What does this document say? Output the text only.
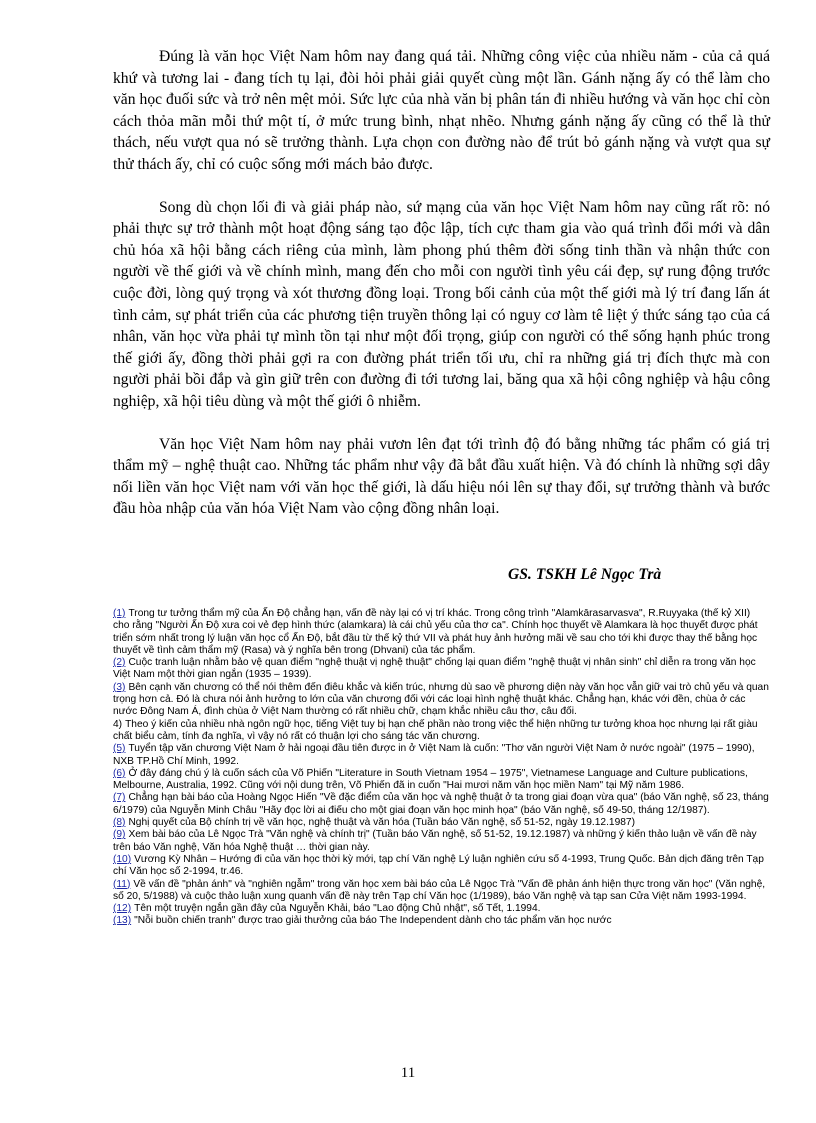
Đúng là văn học Việt Nam hôm nay đang quá tải. Những công việc của nhiều năm - của cả quá khứ và tương lai - đang tích tụ lại, đòi hỏi phải giải quyết cùng một lần. Gánh nặng ấy có thể làm cho văn học đuối sức và trở nên mệt mỏi. Sức lực của nhà văn bị phân tán đi nhiều hướng và văn học chỉ còn cách thỏa mãn mỗi thứ một tí, ở mức trung bình, nhạt nhẽo. Nhưng gánh nặng ấy cũng có thể là thử thách, nếu vượt qua nó sẽ trưởng thành. Lựa chọn con đường nào để trút bỏ gánh nặng và vượt qua sự thử thách ấy, chỉ có cuộc sống mới mách bảo được.

Song dù chọn lối đi và giải pháp nào, sứ mạng của văn học Việt Nam hôm nay cũng rất rõ: nó phải thực sự trở thành một hoạt động sáng tạo độc lập, tích cực tham gia vào quá trình đổi mới và dân chủ hóa xã hội bằng cách riêng của mình, làm phong phú thêm đời sống tinh thần và nhận thức con người về thế giới và về chính mình, mang đến cho mỗi con người tình yêu cái đẹp, sự rung động trước cuộc đời, lòng quý trọng và xót thương đồng loại. Trong bối cảnh của một thế giới mà lý trí đang lấn át tình cảm, sự phát triển của các phương tiện truyền thông lại có nguy cơ làm tê liệt ý thức sáng tạo của cá nhân, văn học vừa phải tự mình tồn tại như một đối trọng, giúp con người có thể sống hạnh phúc trong thế giới ấy, đồng thời phải gợi ra con đường phát triển tối ưu, chỉ ra những giá trị đích thực mà con người phải bồi đắp và gìn giữ trên con đường đi tới tương lai, băng qua xã hội công nghiệp và hậu công nghiệp, xã hội tiêu dùng và một thế giới ô nhiễm.

Văn học Việt Nam hôm nay phải vươn lên đạt tới trình độ đó bằng những tác phẩm có giá trị thẩm mỹ – nghệ thuật cao. Những tác phẩm như vậy đã bắt đầu xuất hiện. Và đó chính là những sợi dây nối liền văn học Việt nam với văn học thế giới, là dấu hiệu nói lên sự thay đổi, sự trưởng thành và bước đầu hòa nhập của văn hóa Việt Nam vào cộng đồng nhân loại.

GS. TSKH Lê Ngọc Trà

(1) Trong tư tưởng thẩm mỹ của Ấn Độ chẳng hạn, vấn đề này lại có vị trí khác. Trong công trình "Alamkārasarvasva", R.Ruyyaka (thế kỷ XII) cho rằng "Người Ấn Độ xưa coi vẻ đẹp hình thức (alamkara) là cái chủ yếu của thơ ca". Chính học thuyết về Alamkara là học thuyết được phát triển sớm nhất trong lý luận văn học cổ Ấn Độ, bắt đầu từ thế kỷ thứ VII và phát huy ảnh hưởng mãi về sau cho tới khi được thay thế bằng học thuyết về tình cảm thẩm mỹ (Rasa) và ý nghĩa bên trong (Dhvani) của tác phẩm.

(2) Cuộc tranh luận nhằm bảo vệ quan điểm "nghệ thuật vị nghệ thuật" chống lại quan điểm "nghệ thuật vị nhân sinh" chỉ diễn ra trong văn học Việt Nam một thời gian ngắn (1935 – 1939).

(3) Bên cạnh văn chương có thể nói thêm đến điêu khắc và kiến trúc, nhưng dù sao về phương diện này văn học vẫn giữ vai trò chủ yếu và quan trọng hơn cả. Đó là chưa nói ảnh hưởng to lớn của văn chương đối với các loại hình nghệ thuật khác. Chẳng hạn, khác với đền, chùa ở các nước Đông Nam Á, đình chùa ở Việt Nam thường có rất nhiều chữ, chạm khắc nhiều câu thơ, câu đối.

4) Theo ý kiến của nhiều nhà ngôn ngữ học, tiếng Việt tuy bị hạn chế phần nào trong việc thể hiện những tư tưởng khoa học nhưng lại rất giàu chất biểu cảm, tính đa nghĩa, vì vậy nó rất có thuận lợi cho sáng tác văn chương.

(5) Tuyển tập văn chương Việt Nam ở hải ngoại đầu tiên được in ở Việt Nam là cuốn: "Thơ văn người Việt Nam ở nước ngoài" (1975 – 1990), NXB TP.Hồ Chí Minh, 1992.

(6) Ở đây đáng chú ý là cuốn sách của Võ Phiến "Literature in South Vietnam 1954 – 1975", Vietnamese Language and Culture publications, Melbourne, Australia, 1992. Cũng với nội dung trên, Võ Phiến đã in cuốn "Hai mươi năm văn học miền Nam" tại Mỹ năm 1986.

(7) Chẳng hạn bài báo của Hoàng Ngọc Hiến "Về đặc điểm của văn học và nghệ thuật ở ta trong giai đoạn vừa qua" (báo Văn nghệ, số 23, tháng 6/1979) của Nguyễn Minh Châu "Hãy đọc lời ai điếu cho một giai đoạn văn học minh họa" (báo Văn nghệ, số 49-50, tháng 12/1987).

(8) Nghị quyết của Bộ chính trị về văn học, nghệ thuật và văn hóa (Tuần báo Văn nghệ, số 51-52, ngày 19.12.1987)

(9) Xem bài báo của Lê Ngọc Trà "Văn nghệ và chính trị" (Tuần báo Văn nghệ, số 51-52, 19.12.1987) và những ý kiến thảo luận về vấn đề này trên báo Văn nghệ, Văn hóa Nghệ thuật … thời gian này.

(10) Vương Kỳ Nhân – Hướng đi của văn học thời kỳ mới, tạp chí Văn nghệ Lý luận nghiên cứu số 4-1993, Trung Quốc. Bản dịch đăng trên Tạp chí Văn học số 2-1994, tr.46.

(11) Về vấn đề "phản ánh" và "nghiên ngẫm" trong văn học xem bài báo của Lê Ngọc Trà "Vấn đề phản ánh hiện thực trong văn học" (Văn nghệ, số 20, 5/1988) và cuộc thảo luận xung quanh vấn đề này trên Tạp chí Văn học (1/1989), báo Văn nghệ và tạp san Cửa Việt năm 1993-1994.

(12) Tên một truyện ngắn gần đây của Nguyễn Khải, báo "Lao động Chủ nhật", số Tết, 1.1994.

(13) "Nỗi buồn chiến tranh" được trao giải thưởng của báo The Independent dành cho tác phẩm văn học nước

11
